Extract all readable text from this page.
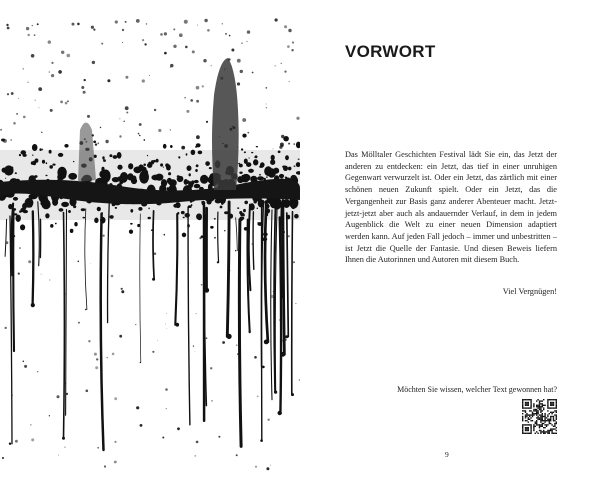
VORWORT

Das Mölltaler Geschichten Festival lädt Sie ein, das Jetzt der anderen zu entdecken: ein Jetzt, das tief in einer unruhigen Gegenwart verwurzelt ist. Oder ein Jetzt, das zärtlich mit einer schönen neuen Zukunft spielt. Oder ein Jetzt, das die Vergangenheit zur Basis ganz anderer Abenteuer macht. Jetzt-jetzt-jetzt aber auch als andauernder Verlauf, in dem in jedem Augenblick die Welt zu einer neuen Dimension adaptiert werden kann. Auf jeden Fall jedoch – immer und unbestritten – ist Jetzt die Quelle der Fantasie. Und diesen Beweis liefern Ihnen die Autorinnen und Autoren mit diesem Buch.

Viel Vergnügen!

Möchten Sie wissen, welcher Text gewonnen hat?

9
